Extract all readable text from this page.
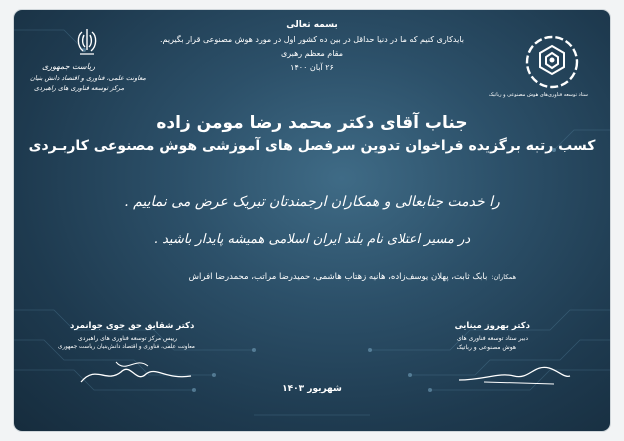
ریاست جمهوری
معاونت علمی، فناوری و اقتصاد دانش بنیان
مرکز توسعه فناوری های راهبردی
ستاد توسعه فناوری‌های هوش مصنوعی و رباتیک
بسمه تعالی
بایدکاری کنیم که ما در دنیا حداقل در بین ده کشور اول در مورد هوش مصنوعی قرار بگیریم.
مقام معظم رهبری
۲۶ آبان ۱۴۰۰
جناب آقای دکتر محمد رضا مومن زاده
کسب رتبه برگزیده فراخوان تدوین سرفصل های آموزشی هوش مصنوعی کاربـردی
را خدمت جنابعالی و همکاران ارجمندتان تبریک عرض می نماییم .
در مسیر اعتلای نام بلند ایران اسلامی همیشه پایدار باشید .
همکاران:بابک ثابت، پهلان یوسف‌زاده، هانیه زهتاب هاشمی، حمیدرضا مراتب، محمدرضا افراش
دکتر بهروز مینایی
دبیر ستاد توسعه فناوری های
هوش مصنوعی و رباتیک
دکتر شقایق حق جوی جوانمرد
رییس مرکز توسعه فناوری های راهبردی
معاونت علمی، فناوری و اقتصاد دانش‌بنیان ریاست جمهوری
شهریور ۱۴۰۳
